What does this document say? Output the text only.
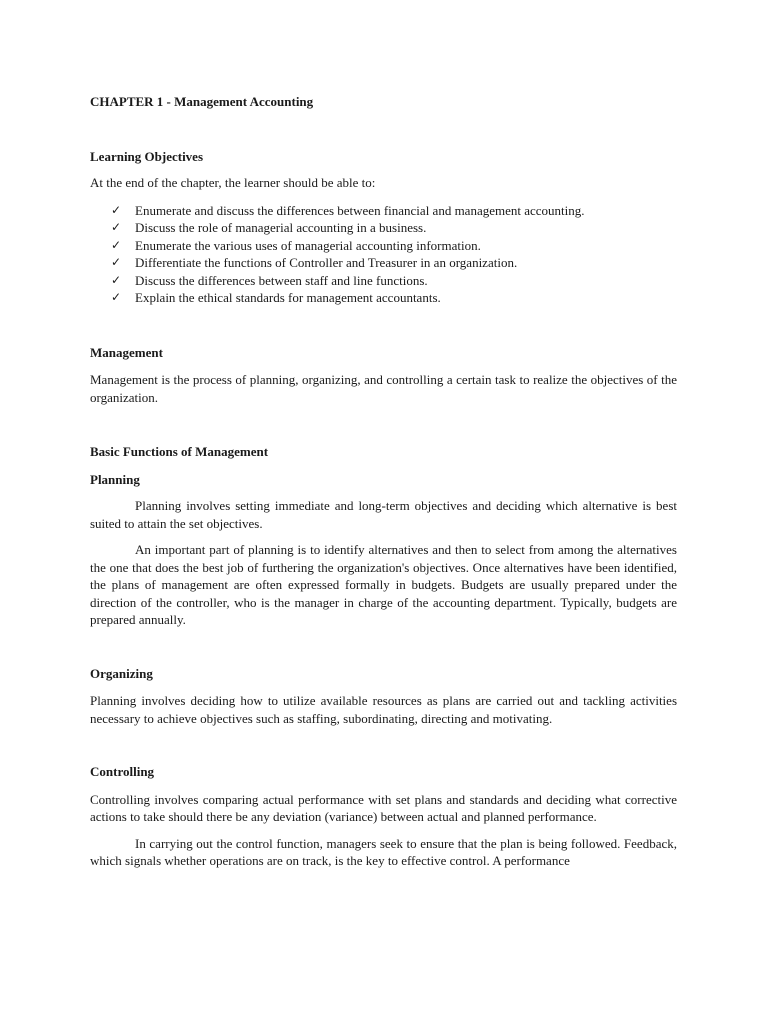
CHAPTER 1 - Management Accounting
Learning Objectives

At the end of the chapter, the learner should be able to:

✓ Enumerate and discuss the differences between financial and management accounting.
✓ Discuss the role of managerial accounting in a business.
✓ Enumerate the various uses of managerial accounting information.
✓ Differentiate the functions of Controller and Treasurer in an organization.
✓ Discuss the differences between staff and line functions.
✓ Explain the ethical standards for management accountants.
Management

Management is the process of planning, organizing, and controlling a certain task to realize the objectives of the organization.

Basic Functions of Management
Planning

Planning involves setting immediate and long-term objectives and deciding which alternative is best suited to attain the set objectives.

An important part of planning is to identify alternatives and then to select from among the alternatives the one that does the best job of furthering the organization's objectives. Once alternatives have been identified, the plans of management are often expressed formally in budgets. Budgets are usually prepared under the direction of the controller, who is the manager in charge of the accounting department. Typically, budgets are prepared annually.

Organizing

Planning involves deciding how to utilize available resources as plans are carried out and tackling activities necessary to achieve objectives such as staffing, subordinating, directing and motivating.

Controlling

Controlling involves comparing actual performance with set plans and standards and deciding what corrective actions to take should there be any deviation (variance) between actual and planned performance.

In carrying out the control function, managers seek to ensure that the plan is being followed. Feedback, which signals whether operations are on track, is the key to effective control. A performance
